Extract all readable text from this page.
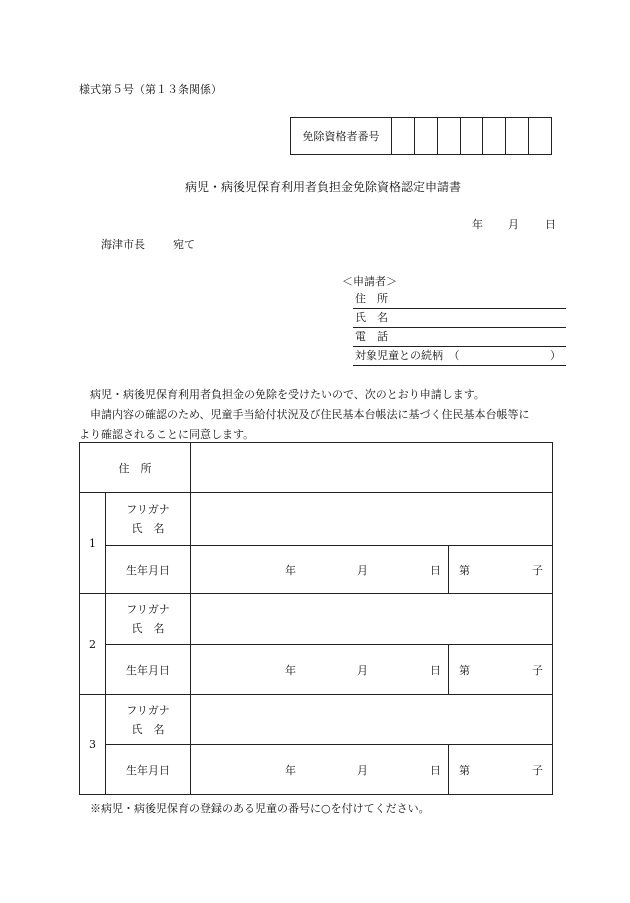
様式第５号（第１３条関係）
免除資格者番号
病児・病後児保育利用者負担金免除資格認定申請書
年 月 日
海津市長	宛て
＜申請者＞
住　所
氏　名
電　話
対象児童との続柄　（	）
病児・病後児保育利用者負担金の免除を受けたいので、次のとおり申請します。
申請内容の確認のため、児童手当給付状況及び住民基本台帳法に基づく住民基本台帳等に
より確認されることに同意します。
住　所			
1	フリガナ
氏　名		

	生年月日	年 月 日	第 子

2	フリガナ
氏　名		

	生年月日	年 月 日	第 子

3	フリガナ
氏　名		

	生年月日	年 月 日	第 子
※病児・病後児保育の登録のある児童の番号に○を付けてください。
